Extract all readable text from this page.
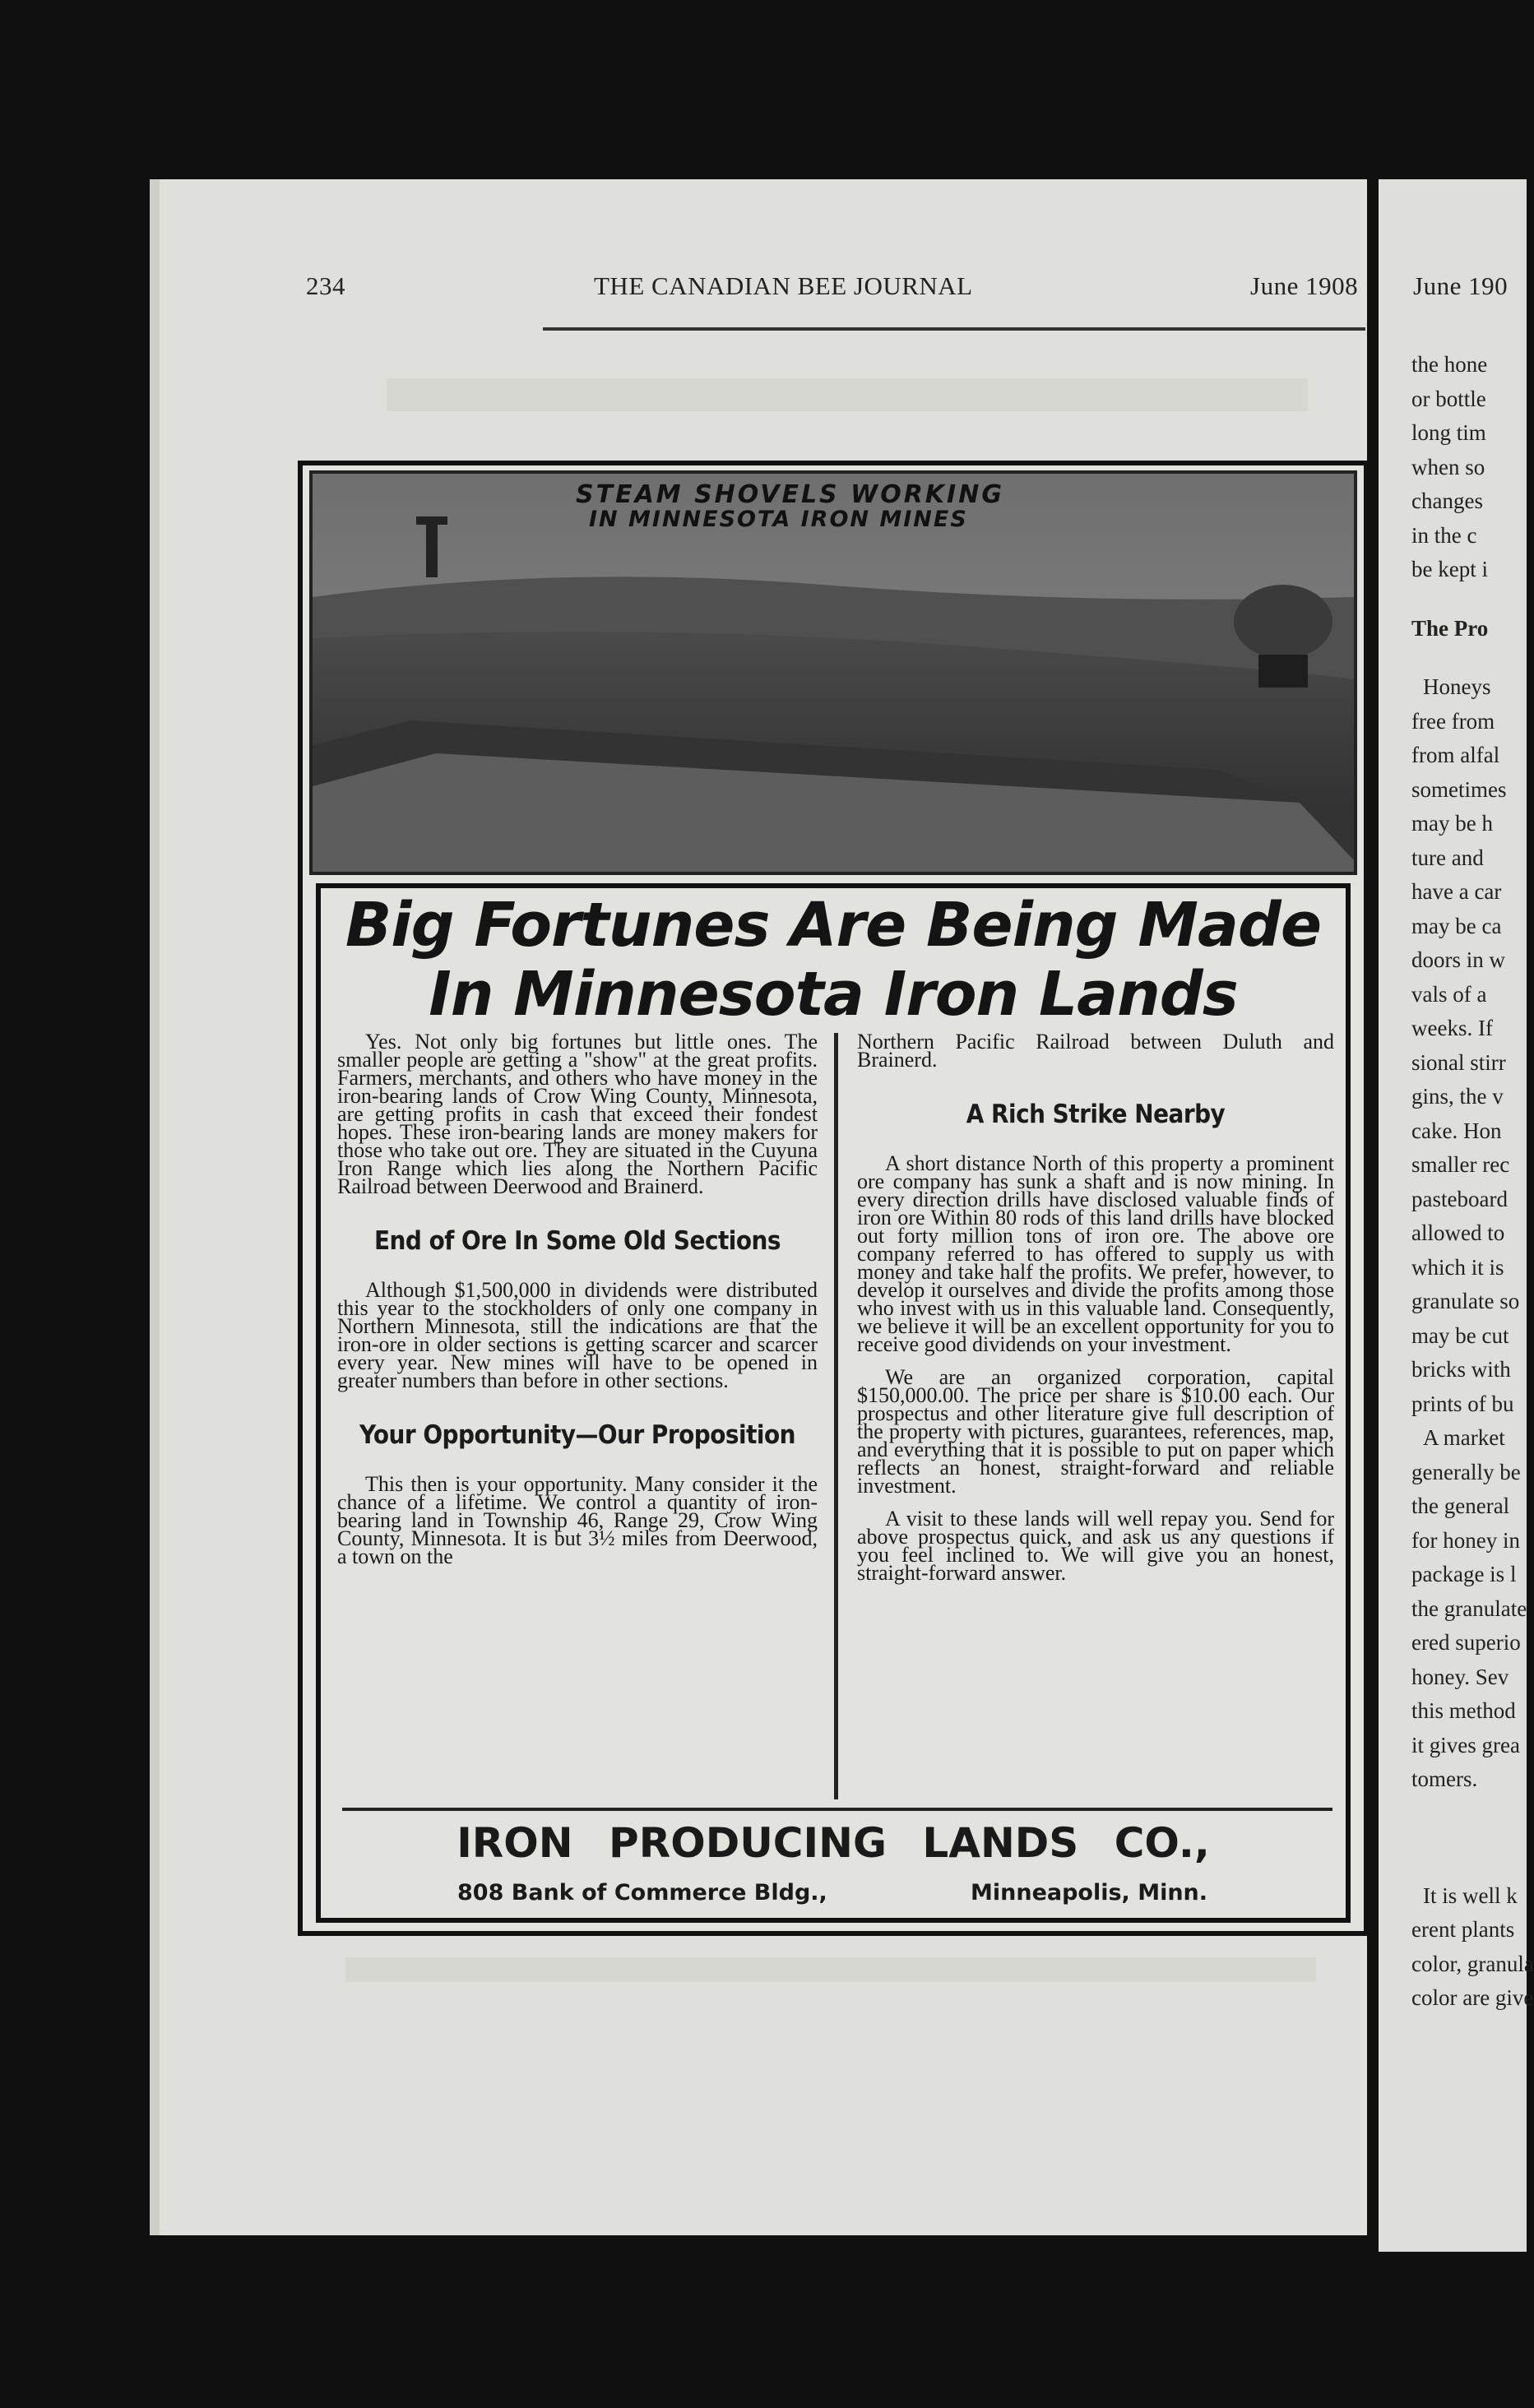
234	THE CANADIAN BEE JOURNAL	June 1908 June 190
STEAM SHOVELS WORKING
IN MINNESOTA IRON MINES
Big Fortunes Are Being Made
In Minnesota Iron Lands

Yes. Not only big fortunes but little ones. The smaller people are getting a "show" at the great profits. Farmers, merchants, and others who have money in the iron-bearing lands of Crow Wing County, Minnesota, are getting profits in cash that exceed their fondest hopes. These iron-bearing lands are money makers for those who take out ore. They are situated in the Cuyuna Iron Range which lies along the Northern Pacific Railroad between Deerwood and Brainerd.

End of Ore In Some Old Sections

Although $1,500,000 in dividends were distributed this year to the stockholders of only one company in Northern Minnesota, still the indications are that the iron-ore in older sections is getting scarcer and scarcer every year. New mines will have to be opened in greater numbers than before in other sections.

Your Opportunity—Our Proposition

This then is your opportunity. Many consider it the chance of a lifetime. We control a quantity of iron-bearing land in Township 46, Range 29, Crow Wing County, Minnesota. It is but 3½ miles from Deerwood, a town on the

Northern Pacific Railroad between Duluth and Brainerd.

A Rich Strike Nearby

A short distance North of this property a prominent ore company has sunk a shaft and is now mining. In every direction drills have disclosed valuable finds of iron ore Within 80 rods of this land drills have blocked out forty million tons of iron ore. The above ore company referred to has offered to supply us with money and take half the profits. We prefer, however, to develop it ourselves and divide the profits among those who invest with us in this valuable land. Consequently, we believe it will be an excellent opportunity for you to receive good dividends on your investment.

We are an organized corporation, capital $150,000.00. The price per share is $10.00 each. Our prospectus and other literature give full description of the property with pictures, guarantees, references, map, and everything that it is possible to put on paper which reflects an honest, straight-forward and reliable investment.

A visit to these lands will well repay you. Send for above prospectus quick, and ask us any questions if you feel inclined to. We will give you an honest, straight-forward answer.

IRON PRODUCING LANDS CO.,
808 Bank of Commerce Bldg.,	Minneapolis, Minn.
the hone
or bottle
long tim
when so
changes
in the c
be kept i
The Pro
Honeys
free from
from alfal
sometimes
may be h
ture and
have a car
may be ca
doors in w
vals of a
weeks. If
sional stirr
gins, the v
cake. Hon
smaller rec
pasteboard
allowed to
which it is
granulate so
may be cut
bricks with
prints of bu
A market
generally be
the general
for honey in
package is l
the granulate
ered superio
honey. Sev
this method
it gives grea
tomers.
It is well k
erent plants
color, granula
color are give
